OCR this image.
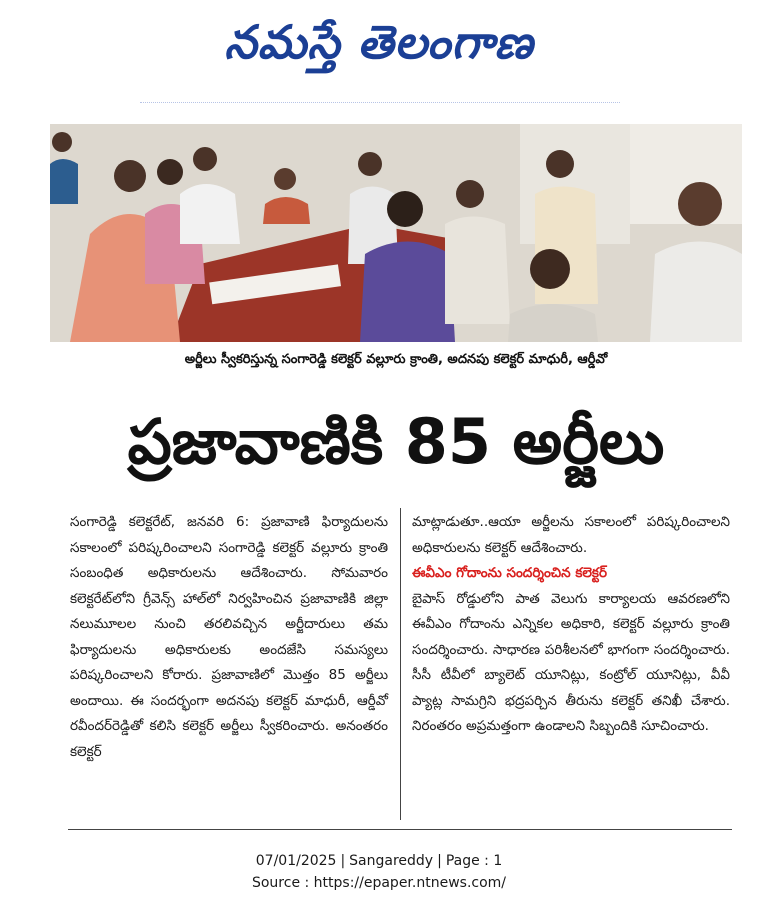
నమస్తే తెలంగాణ
అర్జీలు స్వీకరిస్తున్న సంగారెడ్డి కలెక్టర్ వల్లూరు క్రాంతి, అదనపు కలెక్టర్ మాధురీ, ఆర్డీవో
ప్రజావాణికి 85 అర్జీలు
సంగారెడ్డి కలెక్టరేట్, జనవరి 6: ప్రజావాణి ఫిర్యాదులను సకాలంలో పరిష్కరించాలని సంగారెడ్డి కలెక్టర్ వల్లూరు క్రాంతి సంబంధిత అధికారులను ఆదేశించారు. సోమవారం కలెక్టరేట్‌లోని గ్రీవెన్స్ హాల్‌లో నిర్వహించిన ప్రజావాణికి జిల్లా నలుమూలల నుంచి తరలివచ్చిన అర్జీదారులు తమ ఫిర్యాదులను అధికారులకు అందజేసి సమస్యలు పరిష్కరించాలని కోరారు. ప్రజావాణిలో మొత్తం 85 అర్జీలు అందాయి. ఈ సందర్భంగా అదనపు కలెక్టర్ మాధురీ, ఆర్డీవో రవీందర్‌రెడ్డితో కలిసి కలెక్టర్ అర్జీలు స్వీకరించారు. అనంతరం కలెక్టర్
మాట్లాడుతూ..ఆయా అర్జీలను సకాలంలో పరిష్కరించాలని అధికారులను కలెక్టర్ ఆదేశించారు.
ఈవీఎం గోదాంను సందర్శించిన కలెక్టర్
బైపాస్ రోడ్డులోని పాత వెలుగు కార్యాలయ ఆవరణలోని ఈవీఎం గోదాంను ఎన్నికల అధికారి, కలెక్టర్ వల్లూరు క్రాంతి సందర్శించారు. సాధారణ పరిశీలనలో భాగంగా సందర్శించారు. సీసీ టీవీలో బ్యాలెట్ యూనిట్లు, కంట్రోల్ యూనిట్లు, వీవీ ప్యాట్ల సామగ్రిని భద్రపర్చిన తీరును కలెక్టర్ తనిఖీ చేశారు. నిరంతరం అప్రమత్తంగా ఉండాలని సిబ్బందికి సూచించారు.
07/01/2025 | Sangareddy | Page : 1
Source : https://epaper.ntnews.com/
